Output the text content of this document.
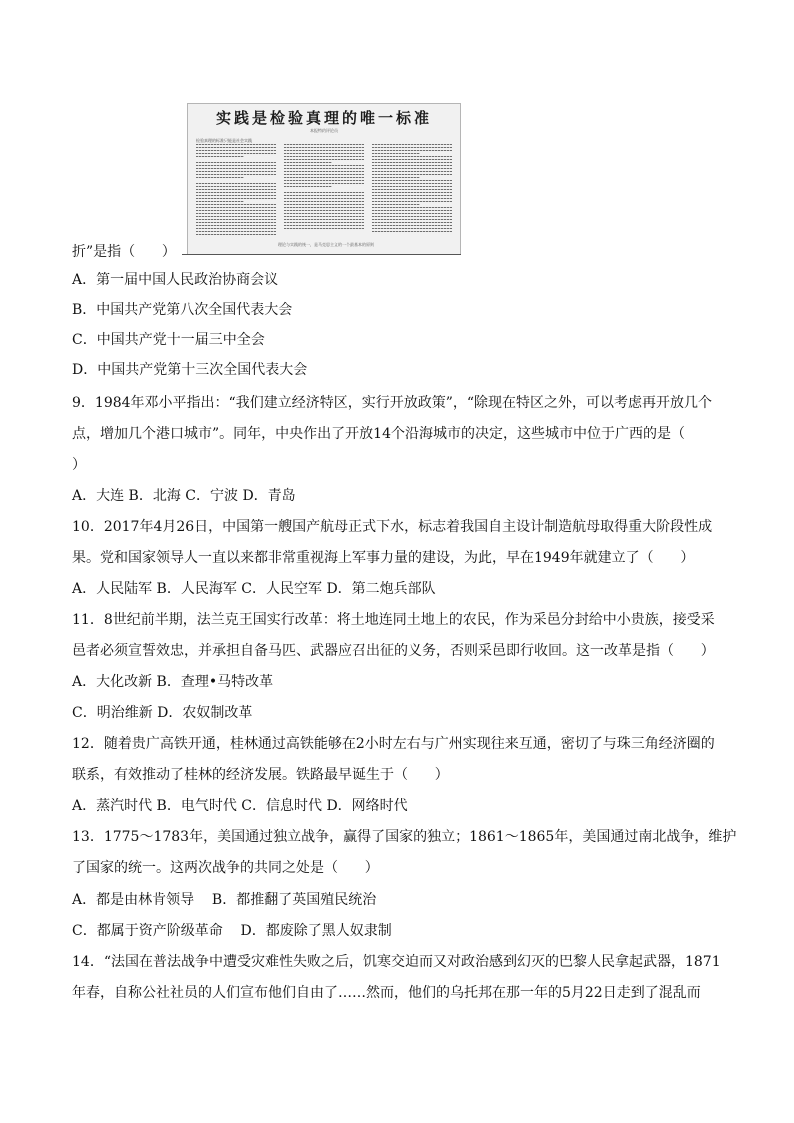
实践是检验真理的唯一标准
本报特约评论员
检验真理的标准只能是社会实践
理论与实践的统一，是马克思主义的一个最基本的原则

折”是指（      ）

A．第一届中国人民政治协商会议

B．中国共产党第八次全国代表大会

C．中国共产党十一届三中全会

D．中国共产党第十三次全国代表大会

9．1984年邓小平指出：“我们建立经济特区，实行开放政策”，“除现在特区之外，可以考虑再开放几个

点，增加几个港口城市”。同年，中央作出了开放14个沿海城市的决定，这些城市中位于广西的是（

）

A．大连 B．北海 C．宁波 D．青岛

10．2017年4月26日，中国第一艘国产航母正式下水，标志着我国自主设计制造航母取得重大阶段性成

果。党和国家领导人一直以来都非常重视海上军事力量的建设，为此，早在1949年就建立了（      ）

A．人民陆军 B．人民海军 C．人民空军 D．第二炮兵部队

11．8世纪前半期，法兰克王国实行改革：将土地连同土地上的农民，作为采邑分封给中小贵族，接受采

邑者必须宣誓效忠，并承担自备马匹、武器应召出征的义务，否则采邑即行收回。这一改革是指（      ）

A．大化改新 B．查理•马特改革

C．明治维新 D．农奴制改革

12．随着贵广高铁开通，桂林通过高铁能够在2小时左右与广州实现往来互通，密切了与珠三角经济圈的

联系，有效推动了桂林的经济发展。铁路最早诞生于（      ）

A．蒸汽时代 B．电气时代 C．信息时代 D．网络时代

13．1775～1783年，美国通过独立战争，赢得了国家的独立；1861～1865年，美国通过南北战争，维护

了国家的统一。这两次战争的共同之处是（      ）

A．都是由林肯领导    B．都推翻了英国殖民统治

C．都属于资产阶级革命    D．都废除了黑人奴隶制

14．“法国在普法战争中遭受灾难性失败之后，饥寒交迫而又对政治感到幻灭的巴黎人民拿起武器，1871

年春，自称公社社员的人们宣布他们自由了……然而，他们的乌托邦在那一年的5月22日走到了混乱而
